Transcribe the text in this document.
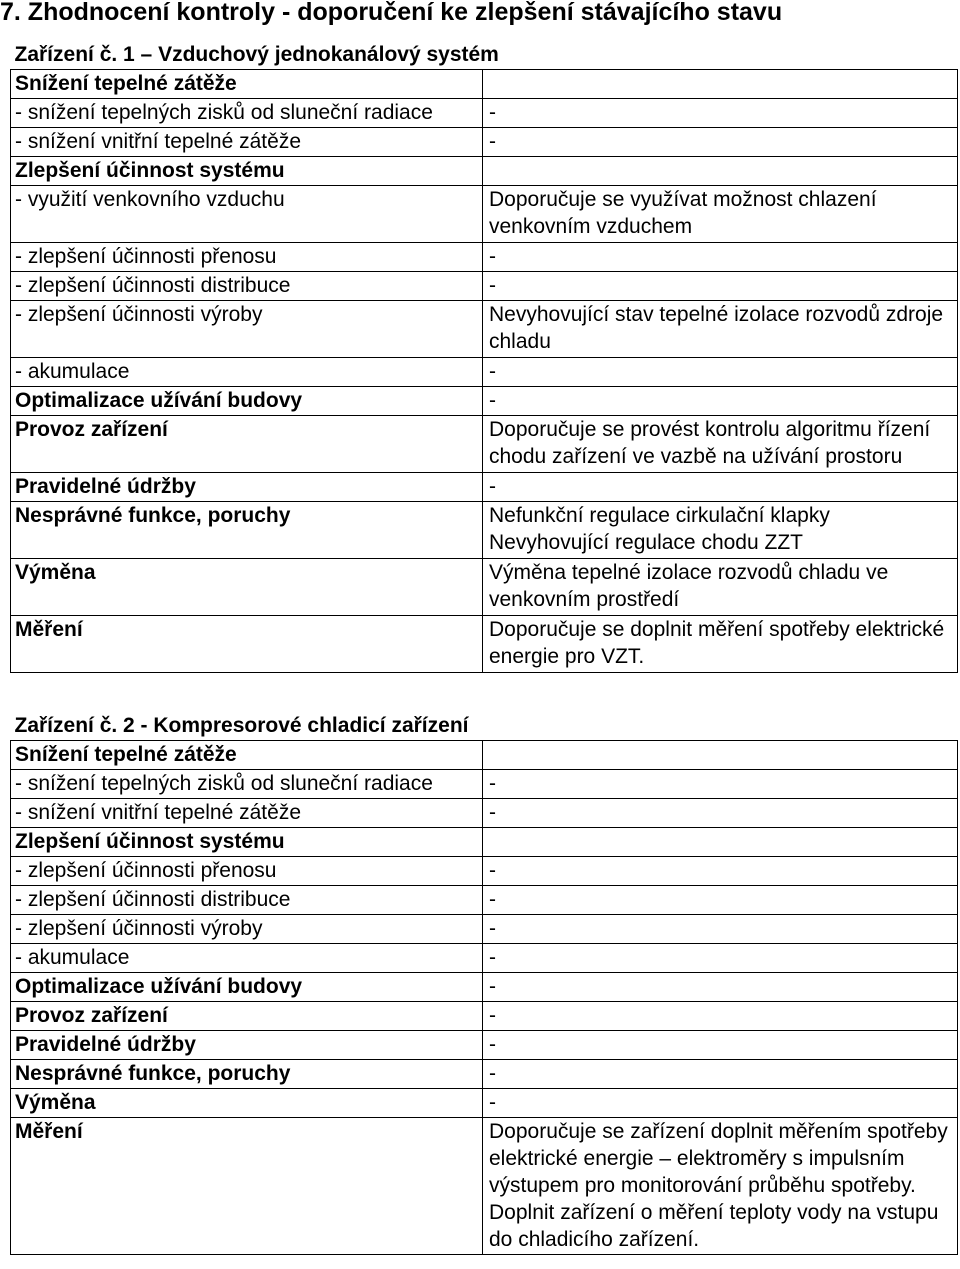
7. Zhodnocení kontroly - doporučení ke zlepšení stávajícího stavu
Zařízení č. 1 – Vzduchový jednokanálový systém	
Snížení tepelné zátěže	
- snížení tepelných zisků od sluneční radiace	-
- snížení vnitřní tepelné zátěže	-
Zlepšení účinnost systému	
- využití venkovního vzduchu	Doporučuje se využívat možnost chlazení venkovním vzduchem
- zlepšení účinnosti přenosu	-
- zlepšení účinnosti distribuce	-
- zlepšení účinnosti výroby	Nevyhovující stav tepelné izolace rozvodů zdroje chladu
- akumulace	-
Optimalizace užívání budovy	-
Provoz zařízení	Doporučuje se provést kontrolu algoritmu řízení chodu zařízení ve vazbě na užívání prostoru
Pravidelné údržby	-
Nesprávné funkce, poruchy	Nefunkční regulace cirkulační klapky
Nevyhovující regulace chodu ZZT

Výměna	Výměna tepelné izolace rozvodů chladu ve venkovním prostředí
Měření	Doporučuje se doplnit měření spotřeby elektrické energie pro VZT.
Zařízení č. 2 - Kompresorové chladicí zařízení	
Snížení tepelné zátěže	
- snížení tepelných zisků od sluneční radiace	-
- snížení vnitřní tepelné zátěže	-
Zlepšení účinnost systému	
- zlepšení účinnosti přenosu	-
- zlepšení účinnosti distribuce	-
- zlepšení účinnosti výroby	-
- akumulace	-
Optimalizace užívání budovy	-
Provoz zařízení	-
Pravidelné údržby	-
Nesprávné funkce, poruchy	-
Výměna	-
Měření	Doporučuje se zařízení doplnit měřením spotřeby elektrické energie – elektroměry s impulsním výstupem pro monitorování průběhu spotřeby.
Doplnit zařízení o měření teploty vody na vstupu do chladicího zařízení.
